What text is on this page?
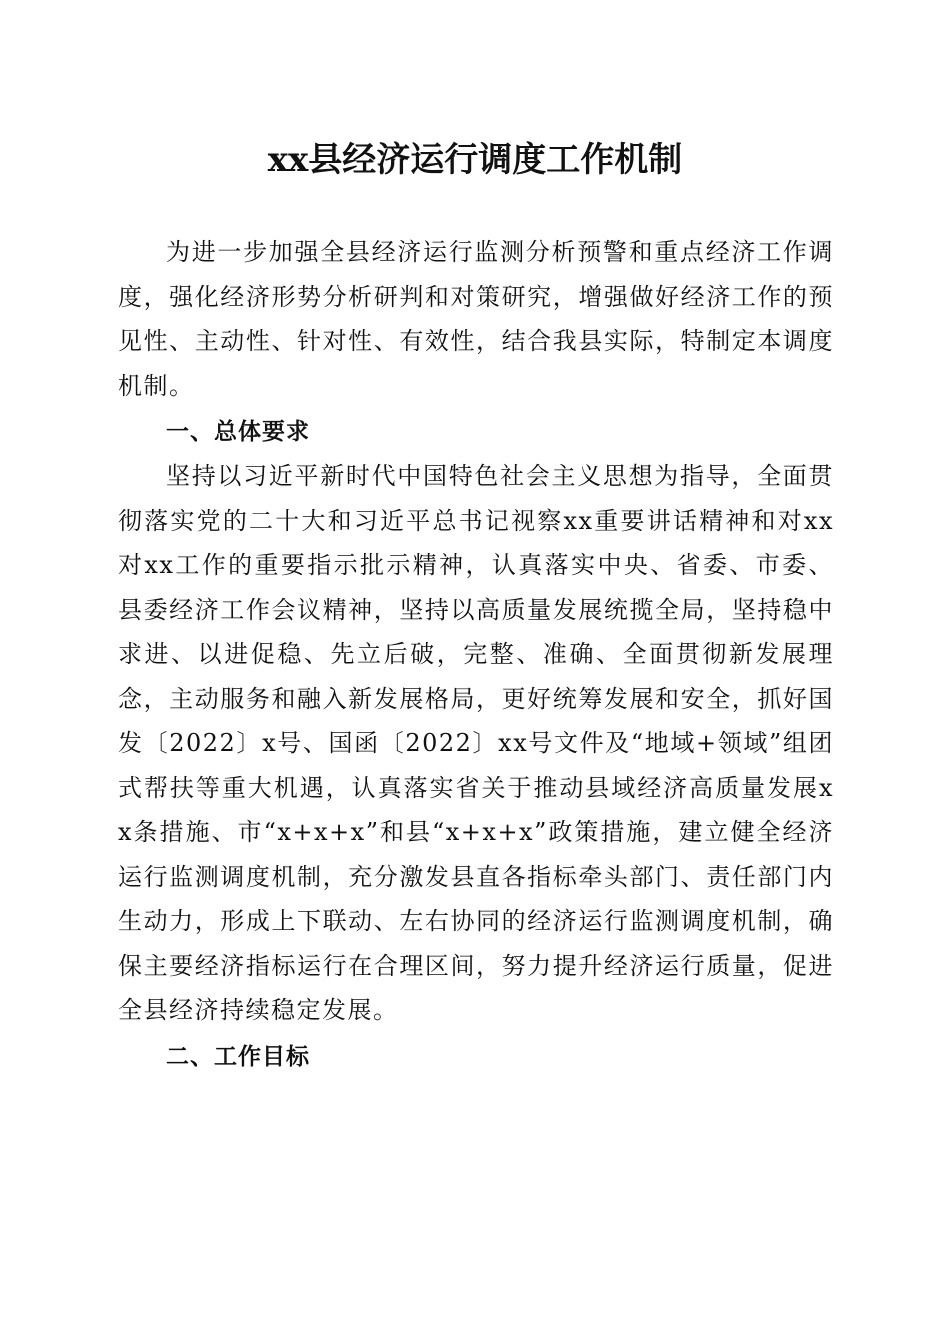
xx县经济运行调度工作机制

为进一步加强全县经济运行监测分析预警和重点经济工作调度，强化经济形势分析研判和对策研究，增强做好经济工作的预见性、主动性、针对性、有效性，结合我县实际，特制定本调度机制。

一、总体要求

坚持以习近平新时代中国特色社会主义思想为指导，全面贯彻落实党的二十大和习近平总书记视察xx重要讲话精神和对xx对xx工作的重要指示批示精神，认真落实中央、省委、市委、县委经济工作会议精神，坚持以高质量发展统揽全局，坚持稳中求进、以进促稳、先立后破，完整、准确、全面贯彻新发展理念，主动服务和融入新发展格局，更好统筹发展和安全，抓好国发〔2022〕x号、国函〔2022〕xx号文件及“地域+领域”组团式帮扶等重大机遇，认真落实省关于推动县域经济高质量发展xx条措施、市“x+x+x”和县“x+x+x”政策措施，建立健全经济运行监测调度机制，充分激发县直各指标牵头部门、责任部门内生动力，形成上下联动、左右协同的经济运行监测调度机制，确保主要经济指标运行在合理区间，努力提升经济运行质量，促进全县经济持续稳定发展。

二、工作目标
